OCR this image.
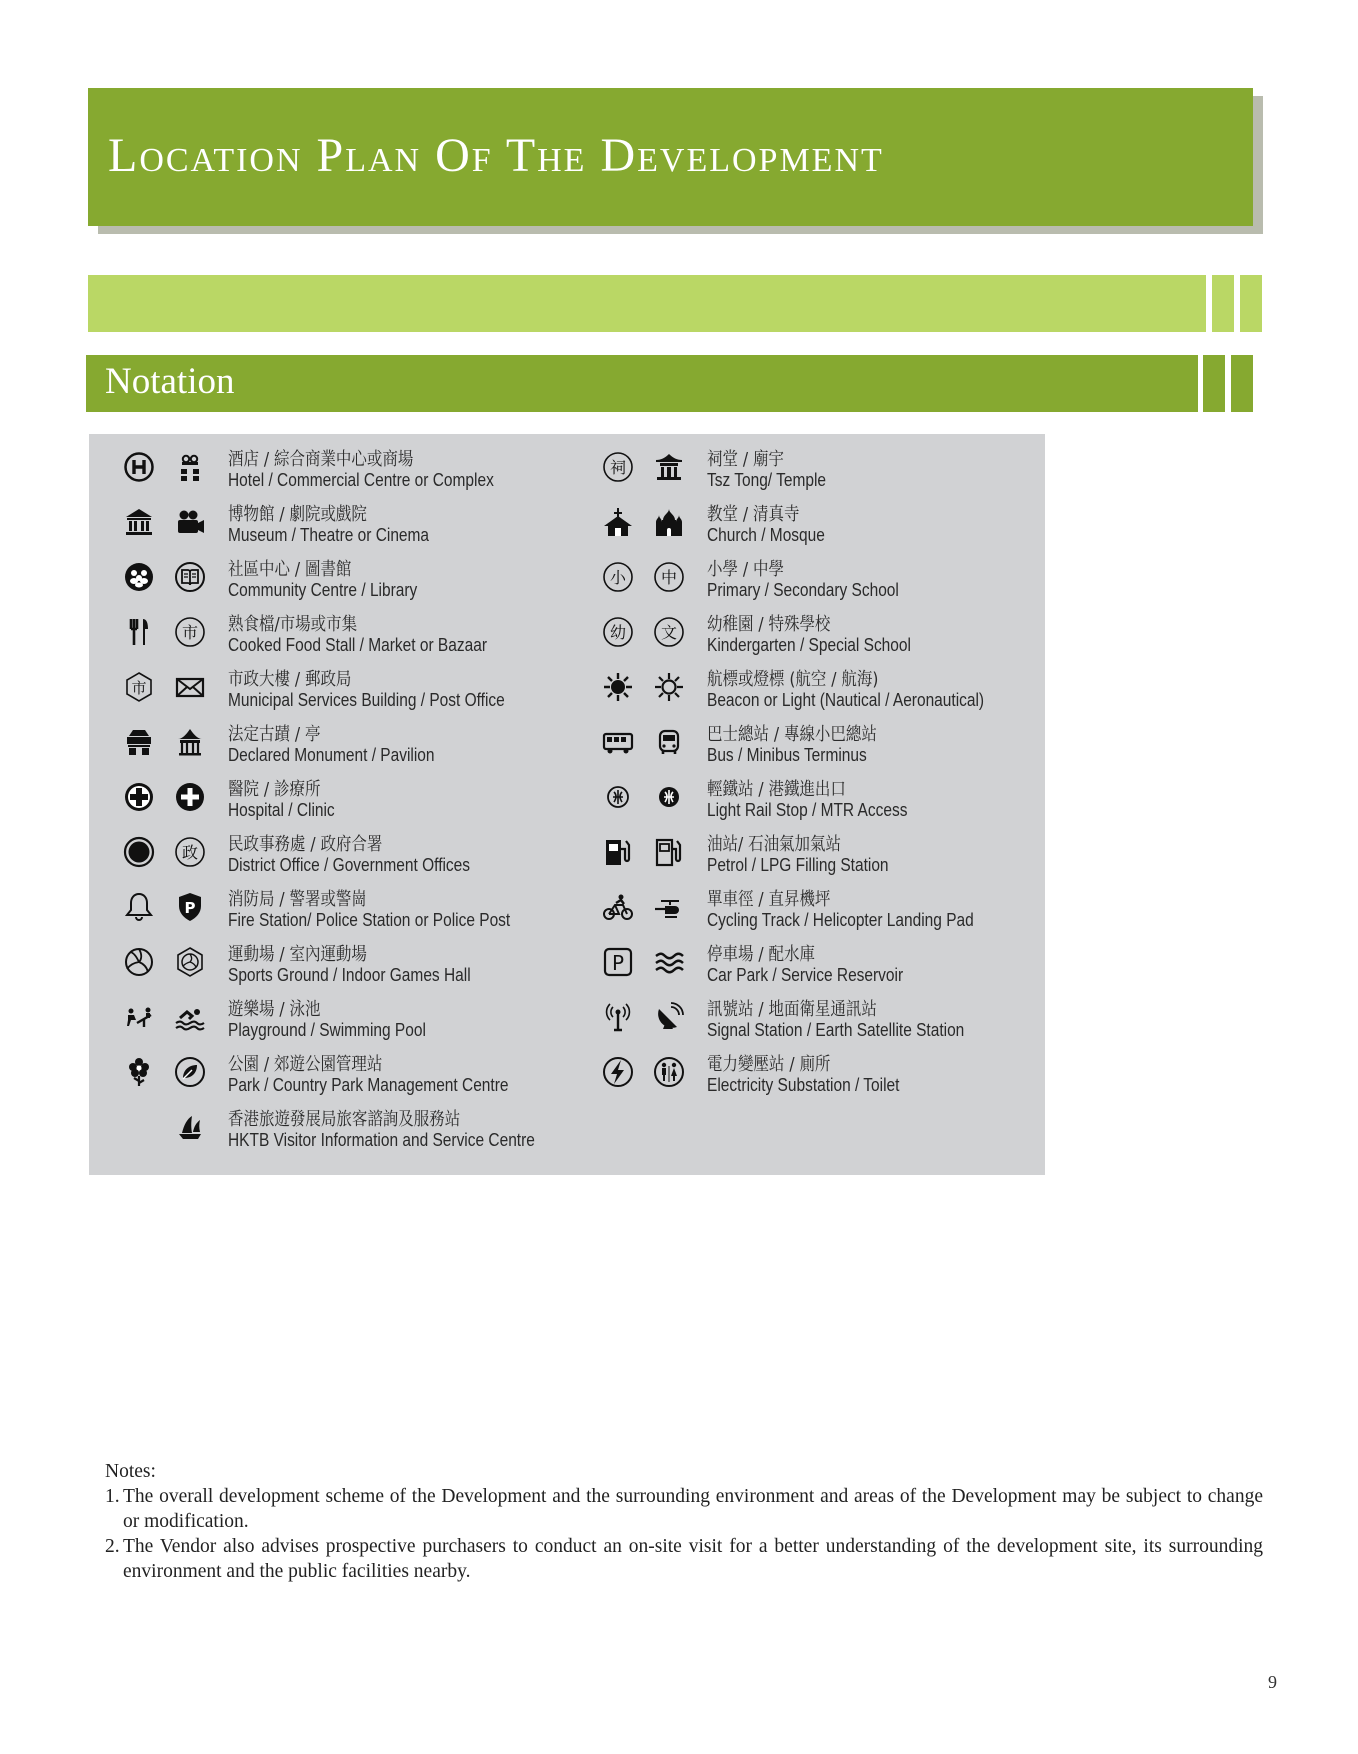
Location Plan Of The Development
Notation
酒店 / 綜合商業中心或商場
Hotel / Commercial Centre or Complex
博物館 / 劇院或戲院
Museum / Theatre or Cinema
社區中心 / 圖書館
Community Centre / Library
市 熟食檔/市場或市集
Cooked Food Stall / Market or Bazaar
市	市政大樓 / 郵政局
Municipal Services Building / Post Office
法定古蹟 / 亭
Declared Monument / Pavilion
醫院 / 診療所
Hospital / Clinic
政 民政事務處 / 政府合署
District Office / Government Offices
P 消防局 / 警署或警崗
Fire Station/ Police Station or Police Post
運動場 / 室內運動場
Sports Ground / Indoor Games Hall
遊樂場 / 泳池
Playground / Swimming Pool
公園 / 郊遊公園管理站
Park / Country Park Management Centre
香港旅遊發展局旅客諮詢及服務站
HKTB Visitor Information and Service Centre
祠	祠堂 / 廟宇
Tsz Tong/ Temple
教堂 / 清真寺
Church / Mosque
小 中 小學 / 中學
Primary / Secondary School
幼 文 幼稚園 / 特殊學校
Kindergarten / Special School
航標或燈標 (航空 / 航海)
Beacon or Light (Nautical / Aeronautical)
巴士總站 / 專線小巴總站
Bus / Minibus Terminus
輕鐵站 / 港鐵進出口
Light Rail Stop / MTR Access
油站/ 石油氣加氣站
Petrol / LPG Filling Station
單車徑 / 直昇機坪
Cycling Track / Helicopter Landing Pad
P	停車場 / 配水庫
Car Park / Service Reservoir
訊號站 / 地面衛星通訊站
Signal Station / Earth Satellite Station
電力變壓站 / 廁所
Electricity Substation / Toilet
Notes:
1. The overall development scheme of the Development and the surrounding environment and areas of the Development may be subject to change or modification.
2. The Vendor also advises prospective purchasers to conduct an on-site visit for a better understanding of the development site, its surrounding environment and the public facilities nearby.
9
